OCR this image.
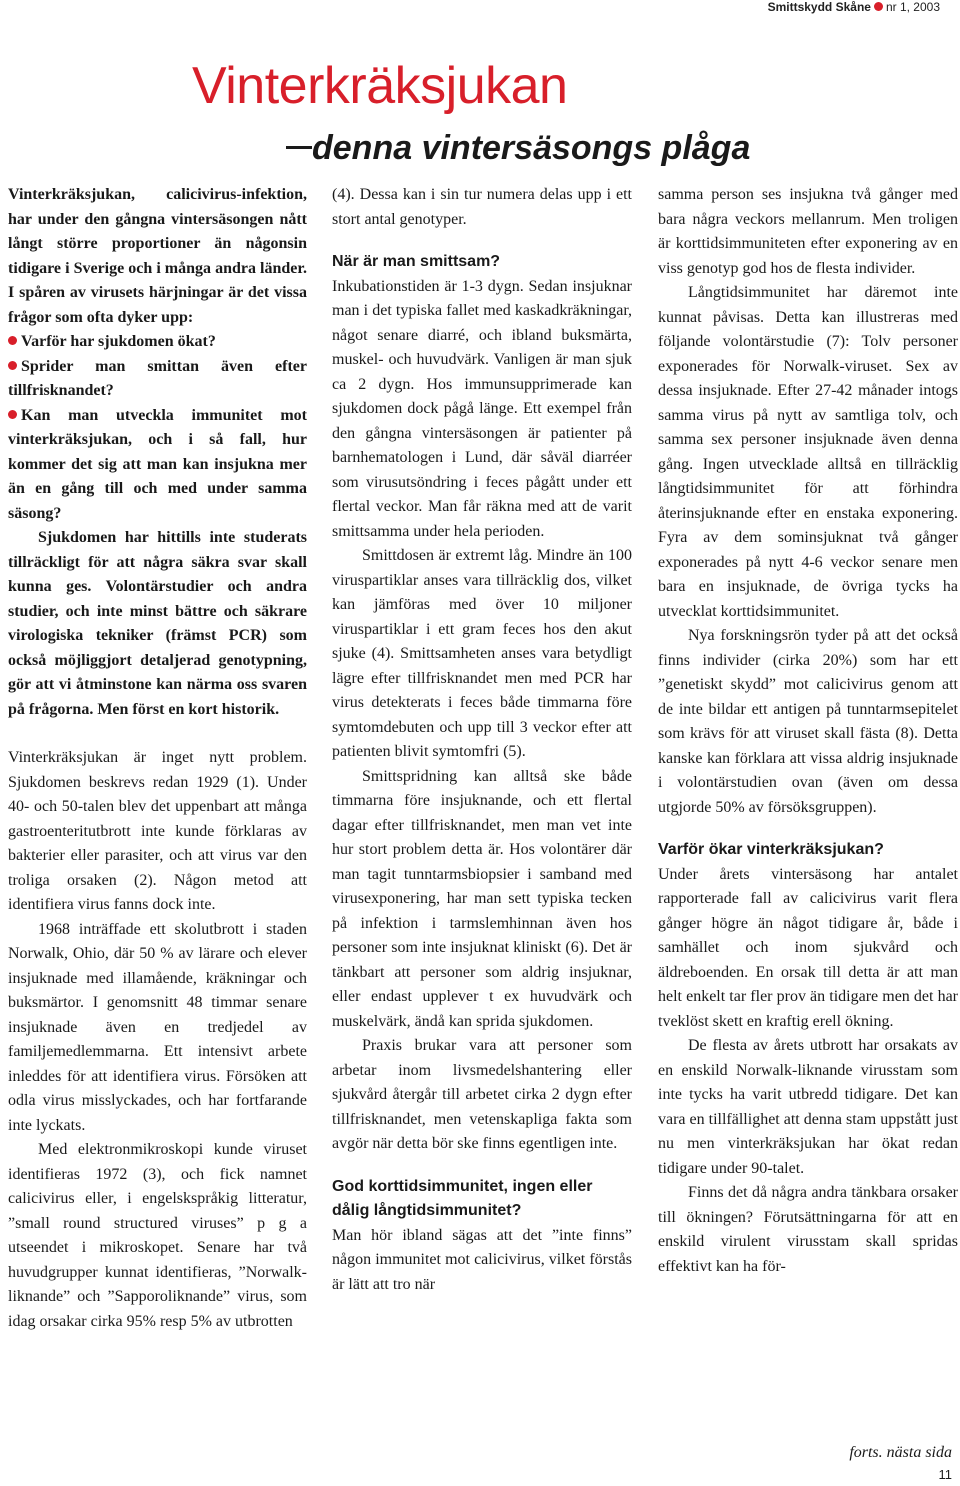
Smittskydd Skåne nr 1, 2003
Vinterkräksjukan
denna vintersäsongs plåga

Vinterkräksjukan, calicivirus-infektion, har under den gångna vintersäsongen nått långt större proportioner än någonsin tidigare i Sverige och i många andra länder. I spåren av virusets härjningar är det vissa frågor som ofta dyker upp:

Varför har sjukdomen ökat?

Sprider man smittan även efter tillfrisknandet?

Kan man utveckla immunitet mot vinterkräksjukan, och i så fall, hur kommer det sig att man kan insjukna mer än en gång till och med under samma säsong?

Sjukdomen har hittills inte studerats tillräckligt för att några säkra svar skall kunna ges. Volontärstudier och andra studier, och inte minst bättre och säkrare virologiska tekniker (främst PCR) som också möjliggjort detaljerad genotypning, gör att vi åtminstone kan närma oss svaren på frågorna. Men först en kort historik.

Vinterkräksjukan är inget nytt problem. Sjukdomen beskrevs redan 1929 (1). Under 40- och 50-talen blev det uppenbart att många gastroenteritutbrott inte kunde förklaras av bakterier eller parasiter, och att virus var den troliga orsaken (2). Någon metod att identifiera virus fanns dock inte.

1968 inträffade ett skolutbrott i staden Norwalk, Ohio, där 50 % av lärare och elever insjuknade med illamående, kräkningar och buksmärtor. I genomsnitt 48 timmar senare insjuknade även en tredjedel av familjemedlemmarna. Ett intensivt arbete inleddes för att identifiera virus. Försöken att odla virus misslyckades, och har fortfarande inte lyckats.

Med elektronmikroskopi kunde viruset identifieras 1972 (3), och fick namnet calicivirus eller, i engelskspråkig litteratur, ”small round structured viruses” p g a utseendet i mikroskopet. Senare har två huvudgrupper kunnat identifieras, ”Norwalk-liknande” och ”Sapporoliknande” virus, som idag orsakar cirka 95% resp 5% av utbrotten

(4). Dessa kan i sin tur numera delas upp i ett stort antal genotyper.

När är man smittsam?

Inkubationstiden är 1-3 dygn. Sedan insjuknar man i det typiska fallet med kaskadkräkningar, något senare diarré, och ibland buksmärta, muskel- och huvudvärk. Vanligen är man sjuk ca 2 dygn. Hos immunsupprimerade kan sjukdomen dock pågå länge. Ett exempel från den gångna vintersäsongen är patienter på barnhematologen i Lund, där såväl diarréer som virusutsöndring i feces pågått under ett flertal veckor. Man får räkna med att de varit smittsamma under hela perioden.

Smittdosen är extremt låg. Mindre än 100 viruspartiklar anses vara tillräcklig dos, vilket kan jämföras med över 10 miljoner viruspartiklar i ett gram feces hos den akut sjuke (4). Smittsamheten anses vara betydligt lägre efter tillfrisknandet men med PCR har virus detekterats i feces både timmarna före symtomdebuten och upp till 3 veckor efter att patienten blivit symtomfri (5).

Smittspridning kan alltså ske både timmarna före insjuknande, och ett flertal dagar efter tillfrisknandet, men man vet inte hur stort problem detta är. Hos volontärer där man tagit tunntarmsbiopsier i samband med virusexponering, har man sett typiska tecken på infektion i tarmslemhinnan även hos personer som inte insjuknat kliniskt (6). Det är tänkbart att personer som aldrig insjuknar, eller endast upplever t ex huvudvärk och muskelvärk, ändå kan sprida sjukdomen.

Praxis brukar vara att personer som arbetar inom livsmedelshantering eller sjukvård återgår till arbetet cirka 2 dygn efter tillfrisknandet, men vetenskapliga fakta som avgör när detta bör ske finns egentligen inte.

God korttidsimmunitet, ingen eller dålig långtidsimmunitet?

Man hör ibland sägas att det ”inte finns” någon immunitet mot calicivirus, vilket förstås är lätt att tro när

samma person ses insjukna två gånger med bara några veckors mellanrum. Men troligen är korttidsimmuniteten efter exponering av en viss genotyp god hos de flesta individer.

Långtidsimmunitet har däremot inte kunnat påvisas. Detta kan illustreras med följande volontärstudie (7): Tolv personer exponerades för Norwalk-viruset. Sex av dessa insjuknade. Efter 27-42 månader intogs samma virus på nytt av samtliga tolv, och samma sex personer insjuknade även denna gång. Ingen utvecklade alltså en tillräcklig långtidsimmunitet för att förhindra återinsjuknande efter en enstaka exponering. Fyra av dem sominsjuknat två gånger exponerades på nytt 4-6 veckor senare men bara en insjuknade, de övriga tycks ha utvecklat korttidsimmunitet.

Nya forskningsrön tyder på att det också finns individer (cirka 20%) som har ett ”genetiskt skydd” mot calicivirus genom att de inte bildar ett antigen på tunntarmsepitelet som krävs för att viruset skall fästa (8). Detta kanske kan förklara att vissa aldrig insjuknade i volontärstudien ovan (även om dessa utgjorde 50% av försöksgruppen).

Varför ökar vinterkräksjukan?

Under årets vintersäsong har antalet rapporterade fall av calicivirus varit flera gånger högre än något tidigare år, både i samhället och inom sjukvård och äldreboenden. En orsak till detta är att man helt enkelt tar fler prov än tidigare men det har tveklöst skett en kraftig erell ökning.

De flesta av årets utbrott har orsakats av en enskild Norwalk-liknande virusstam som inte tycks ha varit utbredd tidigare. Det kan vara en tillfällighet att denna stam uppstått just nu men vinterkräksjukan har ökat redan tidigare under 90-talet.

Finns det då några andra tänkbara orsaker till ökningen? Förutsättningarna för att en enskild virulent virusstam skall spridas effektivt kan ha för-

forts. nästa sida
11
